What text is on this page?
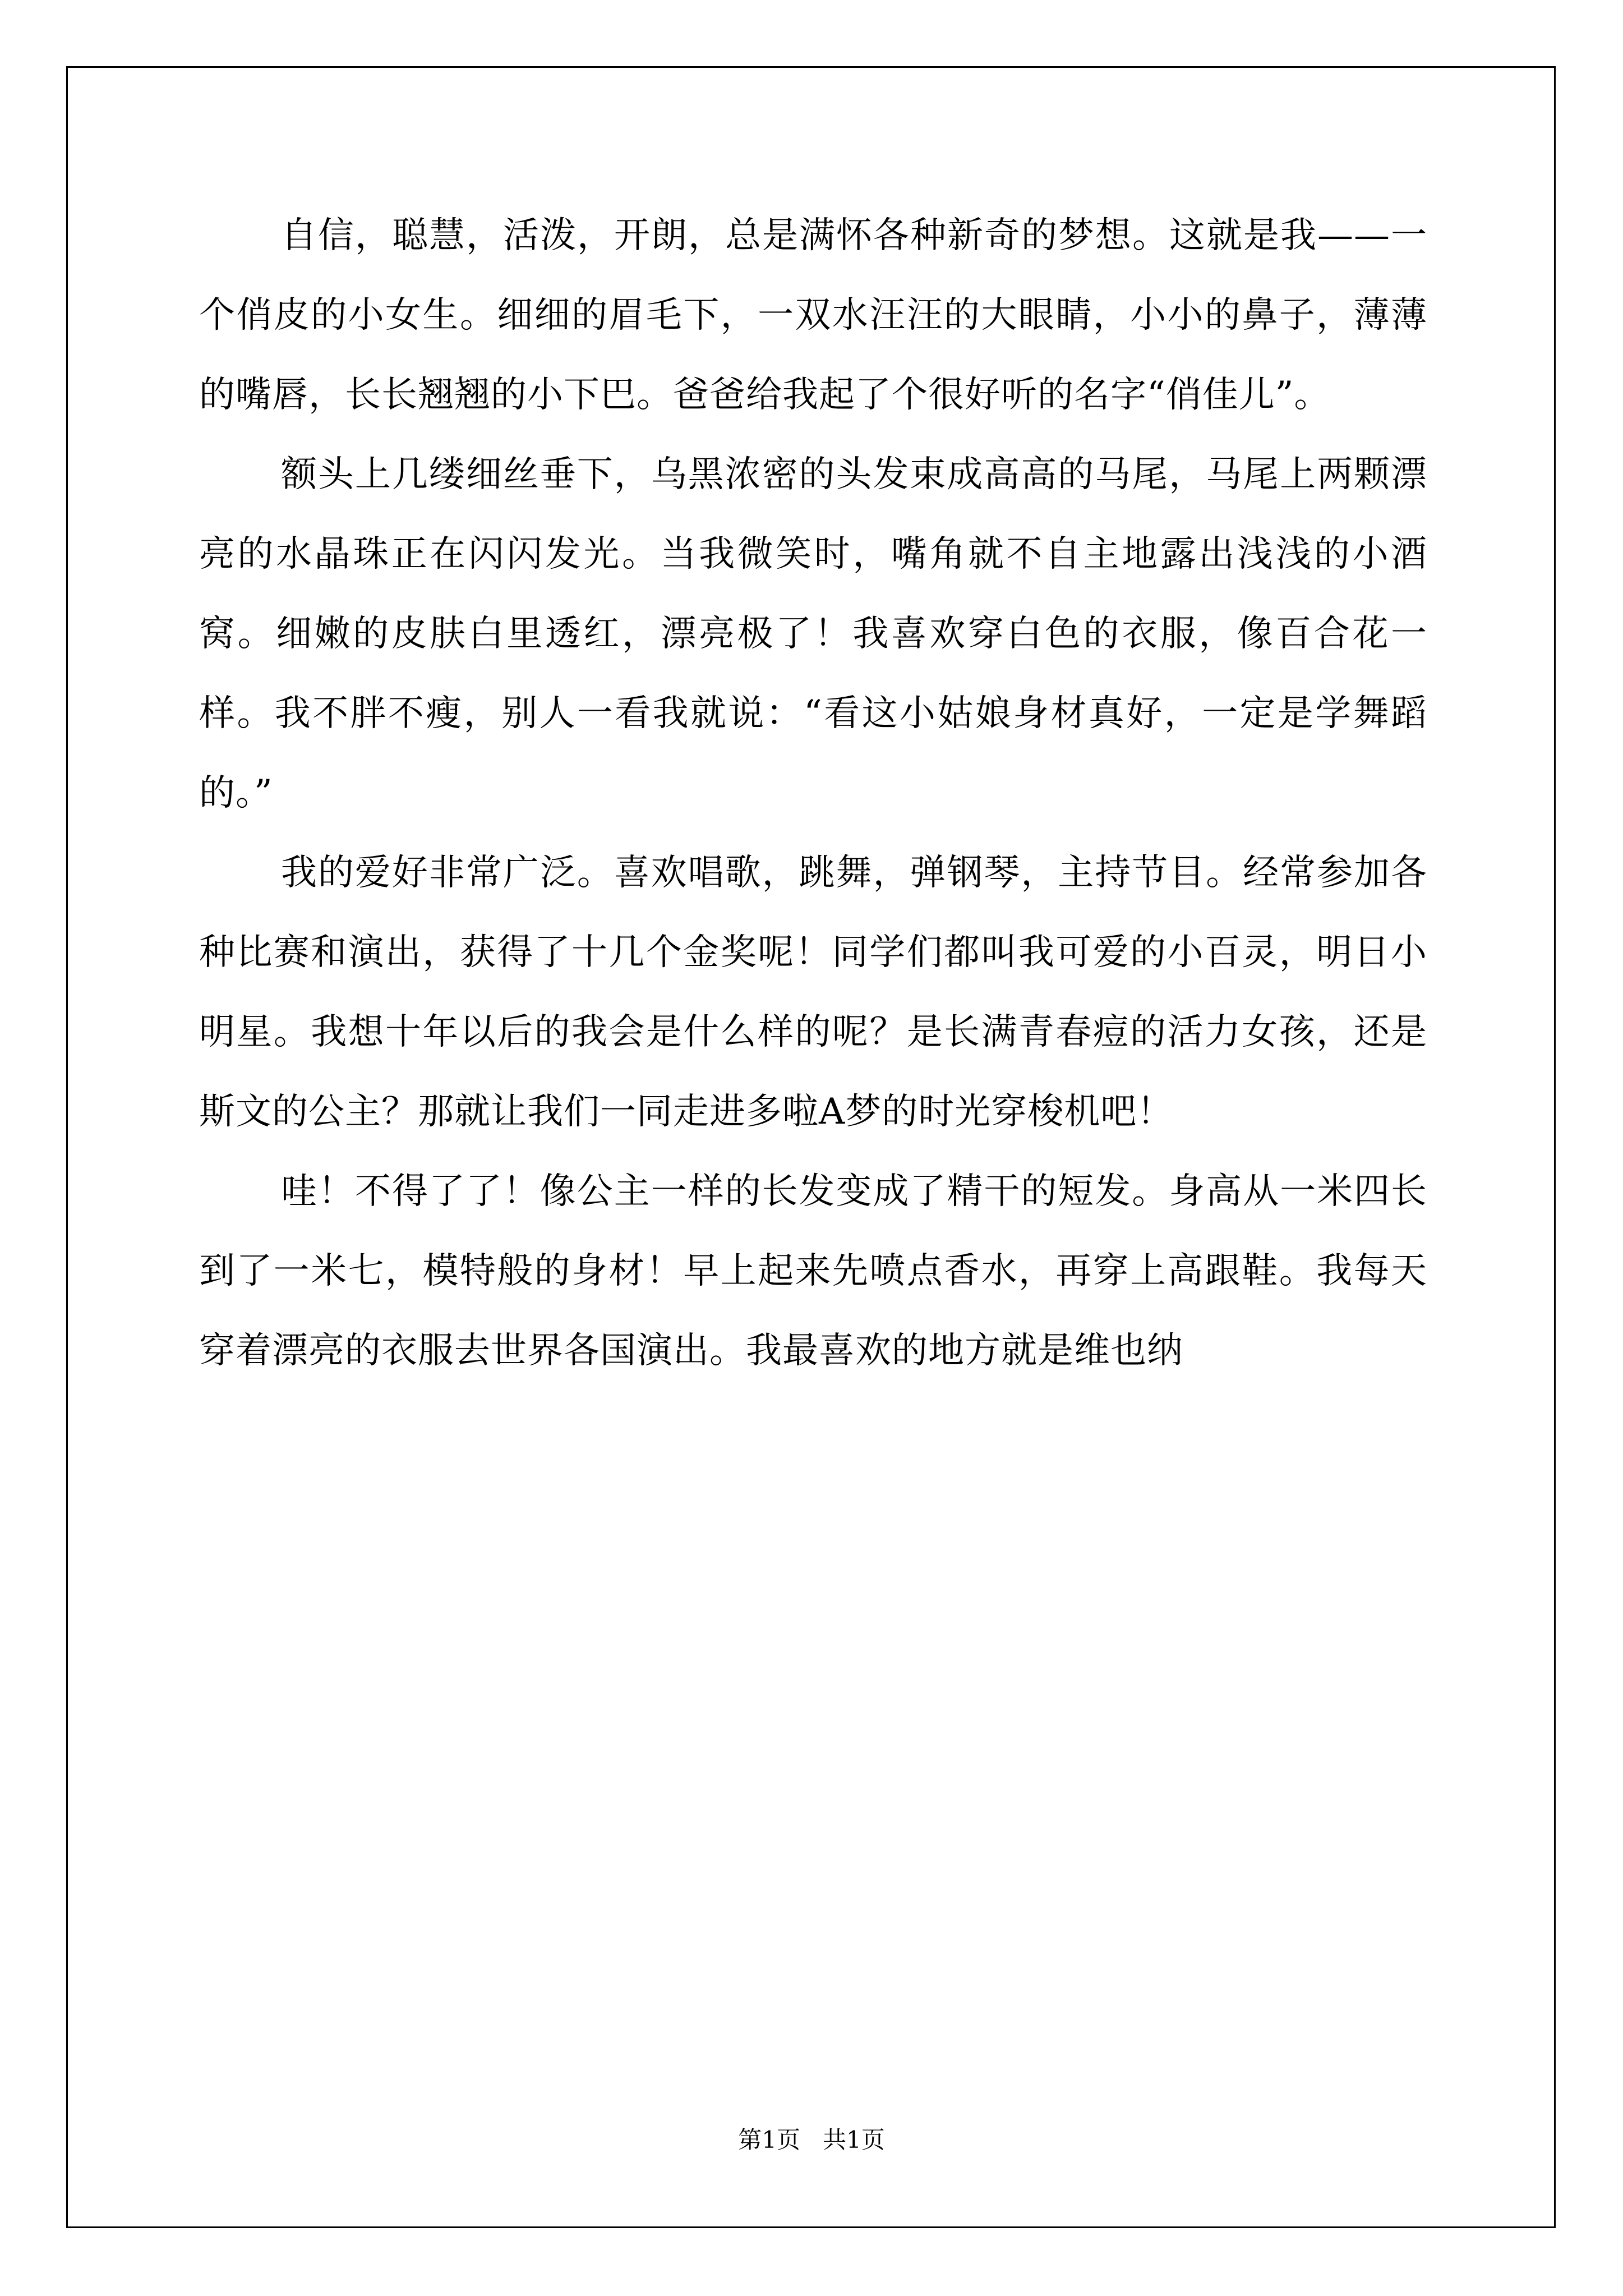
自信，聪慧，活泼，开朗，总是满怀各种新奇的梦想。这就是我——一个俏皮的小女生。细细的眉毛下，一双水汪汪的大眼睛，小小的鼻子，薄薄的嘴唇，长长翘翘的小下巴。爸爸给我起了个很好听的名字“俏佳儿”。

额头上几缕细丝垂下，乌黑浓密的头发束成高高的马尾，马尾上两颗漂亮的水晶珠正在闪闪发光。当我微笑时，嘴角就不自主地露出浅浅的小酒窝。细嫩的皮肤白里透红，漂亮极了！我喜欢穿白色的衣服，像百合花一样。我不胖不瘦，别人一看我就说：“看这小姑娘身材真好，一定是学舞蹈的。”

我的爱好非常广泛。喜欢唱歌，跳舞，弹钢琴，主持节目。经常参加各种比赛和演出，获得了十几个金奖呢！同学们都叫我可爱的小百灵，明日小明星。我想十年以后的我会是什么样的呢？是长满青春痘的活力女孩，还是斯文的公主？那就让我们一同走进多啦A梦的时光穿梭机吧！

哇！不得了了！像公主一样的长发变成了精干的短发。身高从一米四长到了一米七，模特般的身材！早上起来先喷点香水，再穿上高跟鞋。我每天穿着漂亮的衣服去世界各国演出。我最喜欢的地方就是维也纳

第1页   共1页
